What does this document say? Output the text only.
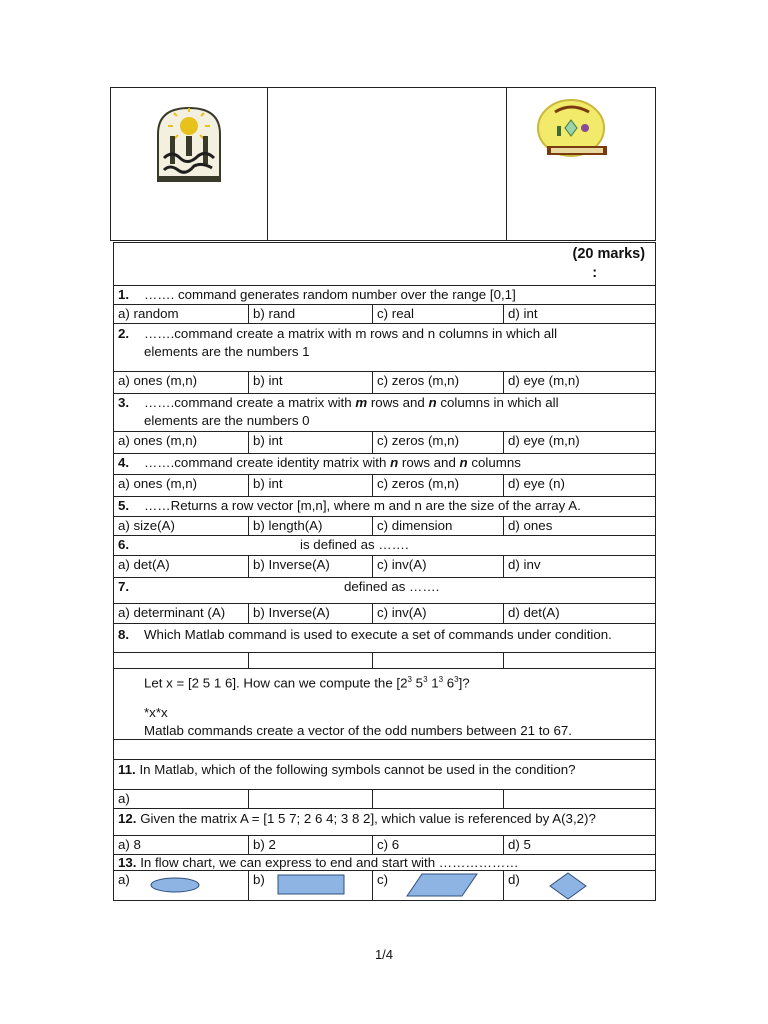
(20 marks)
:			

1. ……. command generates random number over the range [0,1]			
a) random	b) rand	c) real	d) int

2. …….command create a matrix with m rows and n columns in which all
elements are the numbers 1			

a) ones (m,n)	b) int	c) zeros (m,n)	d) eye (m,n)

3. …….command create a matrix with m rows and n columns in which all
elements are the numbers 0			

a) ones (m,n)	b) int	c) zeros (m,n)	d) eye (m,n)
4. …….command create identity matrix with n rows and n columns			
a) ones (m,n)	b) int	c) zeros (m,n)	d) eye (n)
5. ……Returns a row vector [m,n], where m and n are the size of the array A.			
a) size(A)	b) length(A)	c) dimension	d) ones
6. is defined as …….			
a) det(A)	b) Inverse(A)	c) inv(A)	d) inv
7. defined as …….			
a) determinant (A)	b) Inverse(A)	c) inv(A)	d) det(A)
8. Which Matlab command is used to execute a set of commands under condition.			

Let x = [2 5 1 6]. How can we compute the [$2^3$ $5^3$ $1^3$ $6^3$]?
*x*x
Matlab commands create a vector of the odd numbers between 21 to 67.			

11. In Matlab, which of the following symbols cannot be used in the condition?			
a)			
12. Given the matrix A = [1 5 7; 2 6 4; 3 8 2], which value is referenced by A(3,2)?			
a) 8	b) 2	c) 6	d) 5
13. In flow chart, we can express to end and start with ………………			
a)	b)	c)	d)
1/4
